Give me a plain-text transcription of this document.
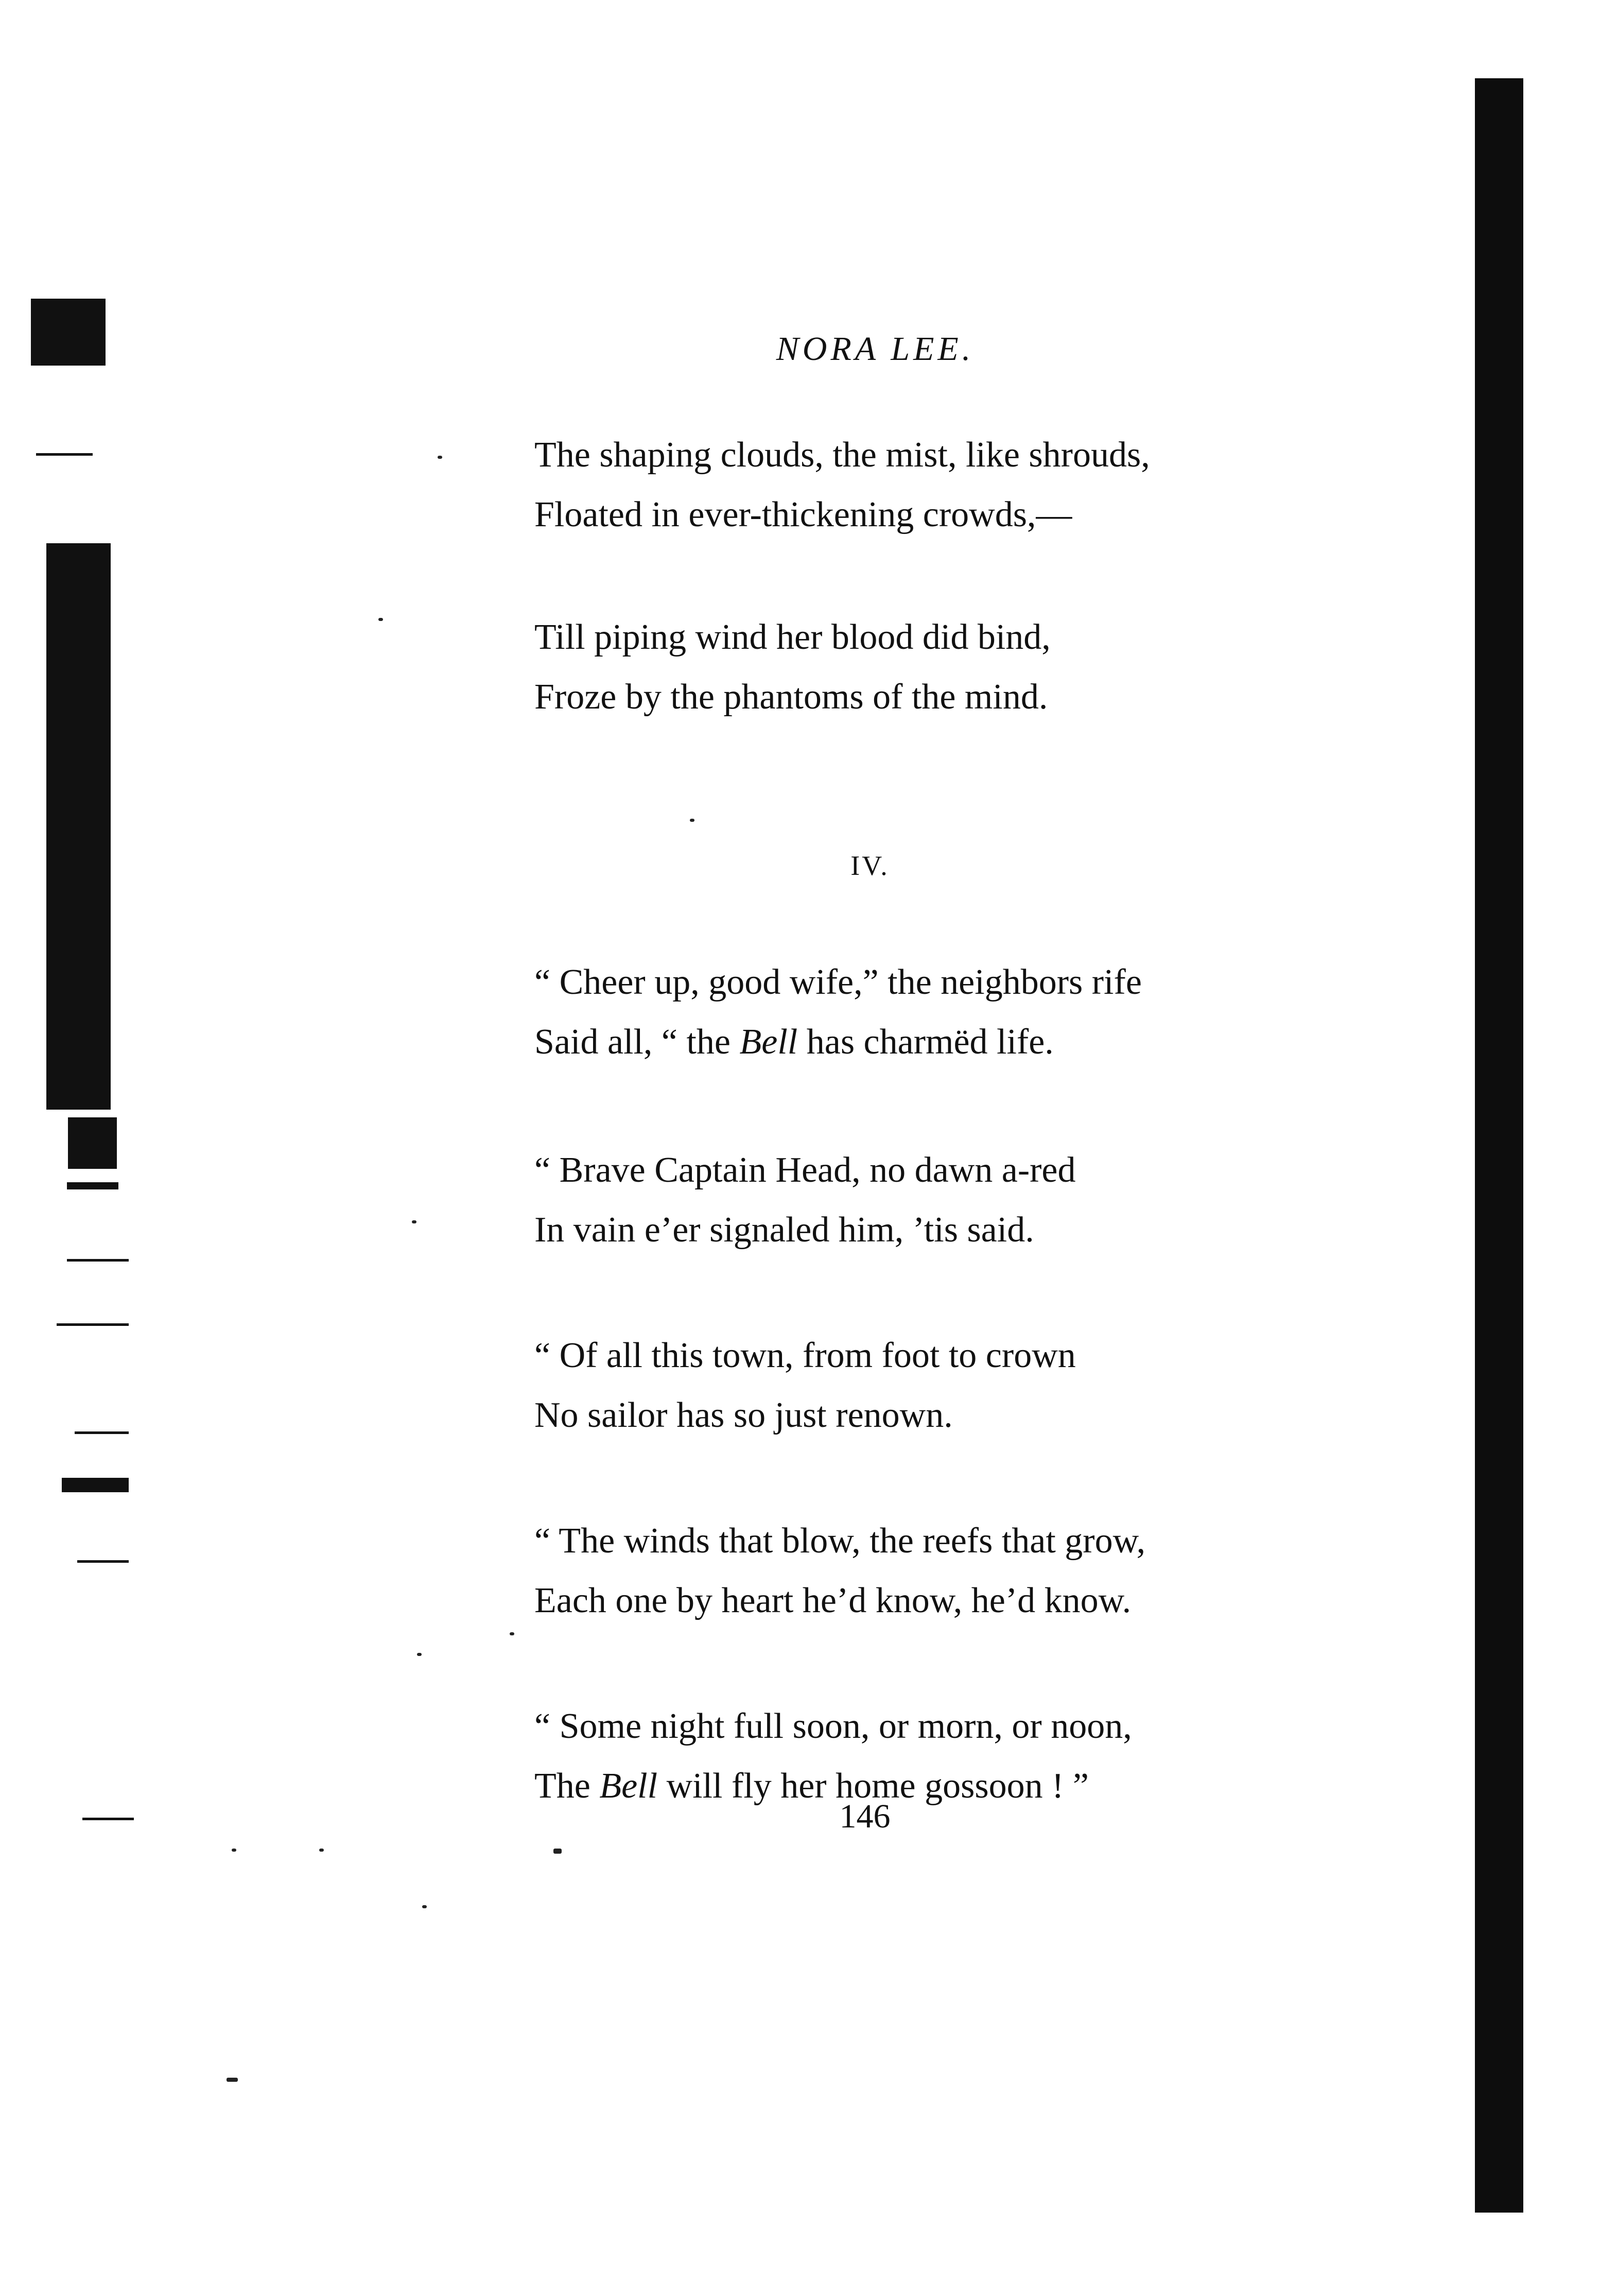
NORA LEE.
The shaping clouds, the mist, like shrouds,
Floated in ever-thickening crowds,—
Till piping wind her blood did bind,
Froze by the phantoms of the mind.
IV.
“ Cheer up, good wife,” the neighbors rife
Said all, “ the Bell has charmëd life.
“ Brave Captain Head, no dawn a-red
In vain e’er signaled him, ’tis said.
“ Of all this town, from foot to crown
No sailor has so just renown.
“ The winds that blow, the reefs that grow,
Each one by heart he’d know, he’d know.
“ Some night full soon, or morn, or noon,
The Bell will fly her home gossoon ! ”
146
